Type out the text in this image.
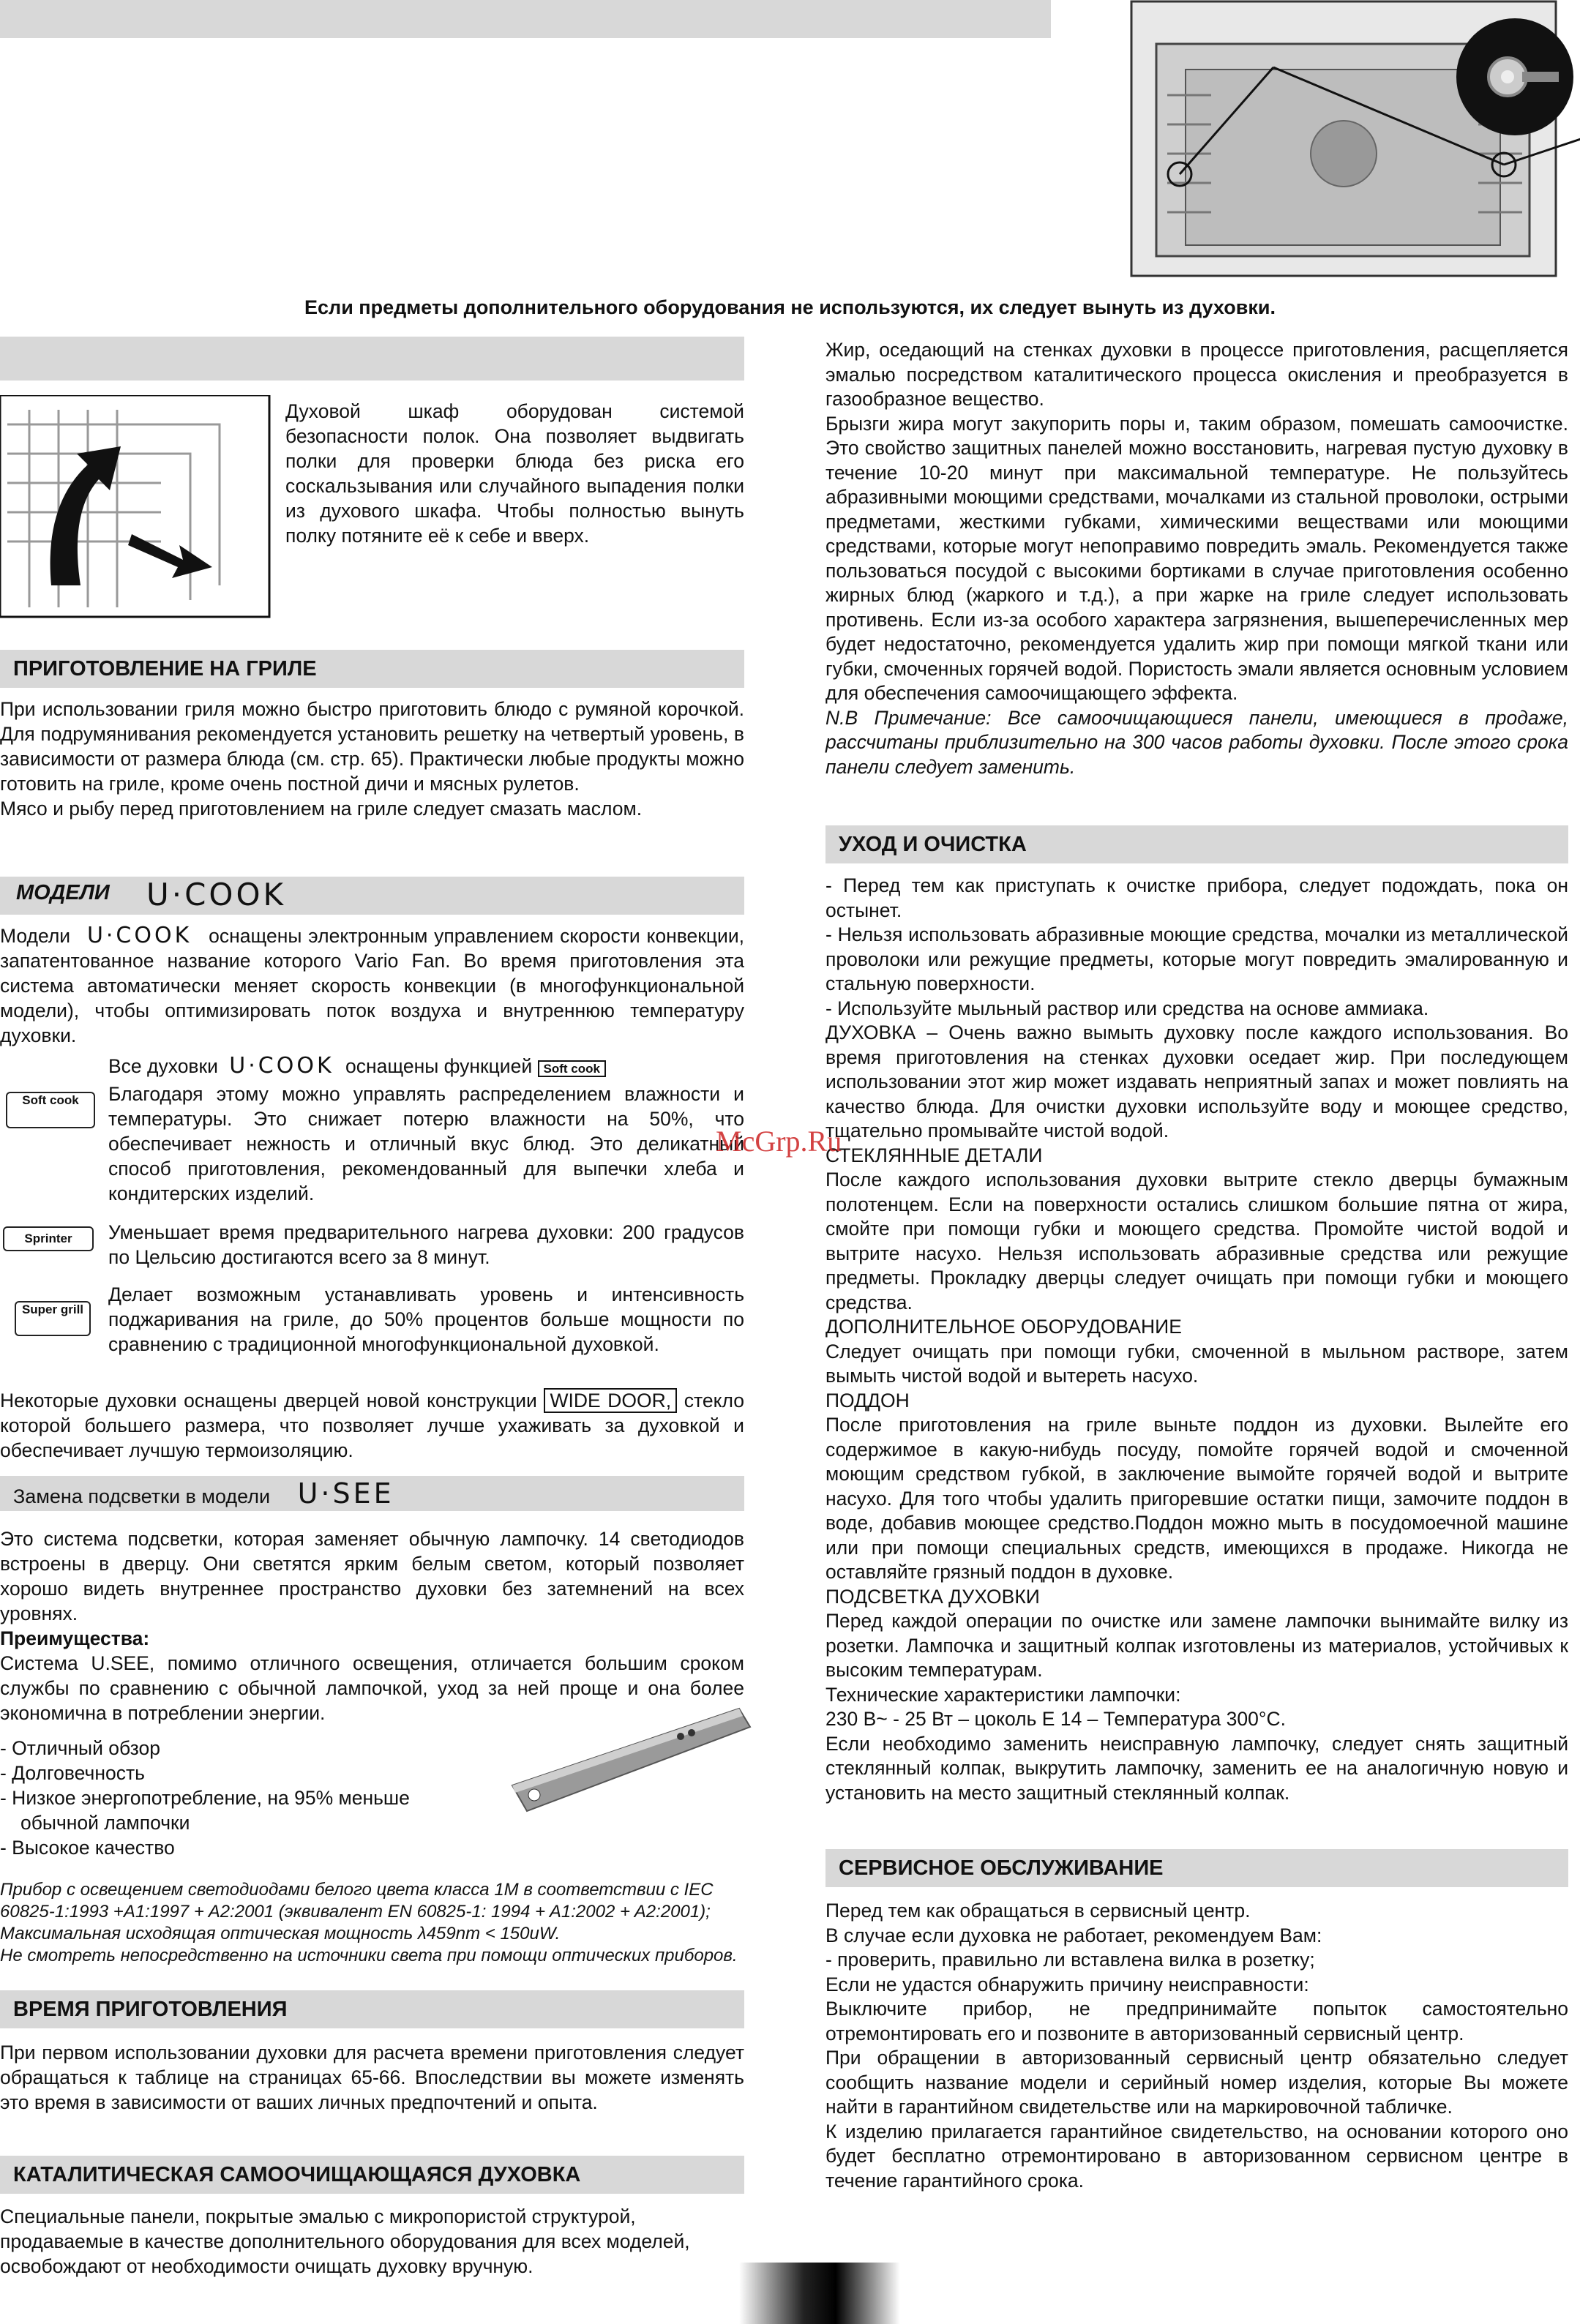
Если предметы дополнительного оборудования не используются, их следует вынуть из духовки.
Духовой шкаф оборудован системой безопасности полок. Она позволяет выдвигать полки для проверки блюда без риска его соскальзывания или случайного выпадения полки из духового шкафа. Чтобы полностью вынуть полку потяните её к себе и вверх.
ПРИГОТОВЛЕНИЕ НА ГРИЛЕ

При использовании гриля можно быстро приготовить блюдо с румяной корочкой. Для подрумянивания рекомендуется установить решетку на четвертый уровень, в зависимости от размера блюда (см. стр. 65). Практически любые продукты можно готовить на гриле, кроме очень постной дичи и мясных рулетов.

Мясо и рыбу перед приготовлением на гриле следует смазать маслом.

МОДЕЛИ U·COOK

Модели U·COOK оснащены электронным управлением скорости конвекции, запатентованное название которого Vario Fan. Во время приготовления эта система автоматически меняет скорость конвекции (в многофункциональной модели), чтобы оптимизировать поток воздуха и внутреннюю температуру духовки.

Все духовки U·COOK оснащены функцией Soft cook

Благодаря этому можно управлять распределением влажности и температуры. Это снижает потерю влажности на 50%, что обеспечивает нежность и отличный вкус блюд. Это деликатный способ приготовления, рекомендованный для выпечки хлеба и кондитерских изделий.

Soft cook
Sprinter	Уменьшает время предварительного нагрева духовки: 200 градусов по Цельсию достигаются всего за 8 минут.
Super grill
Делает возможным устанавливать уровень и интенсивность поджаривания на гриле, до 50% процентов больше мощности по сравнению с традиционной многофункциональной духовкой.

Некоторые духовки оснащены дверцей новой конструкции WIDE DOOR, стекло которой большего размера, что позволяет лучше ухаживать за духовкой и обеспечивает лучшую термоизоляцию.

Замена подсветки в модели U·SEE

Это система подсветки, которая заменяет обычную лампочку. 14 светодиодов встроены в дверцу. Они светятся ярким белым светом, который позволяет хорошо видеть внутреннее пространство духовки без затемнений на всех уровнях.

Преимущества:

Система U.SEE, помимо отличного освещения, отличается большим сроком службы по сравнению с обычной лампочкой, уход за ней проще и она более экономична в потреблении энергии.

- Отличный обзор

- Долговечность

- Низкое энергопотребление, на 95% меньше

обычной лампочки

- Высокое качество

Прибор с освещением светодиодами белого цвета класса 1M в соответствии с IEC 60825-1:1993 +A1:1997 + A2:2001 (эквивалент EN 60825-1: 1994 + A1:2002 + A2:2001);

Максимальная исходящая оптическая мощность λ459nm < 150uW.

Не смотреть непосредственно на источники света при помощи оптических приборов.

ВРЕМЯ ПРИГОТОВЛЕНИЯ

При первом использовании духовки для расчета времени приготовления следует обращаться к таблице на страницах 65-66. Впоследствии вы можете изменять это время в зависимости от ваших личных предпочтений и опыта.

КАТАЛИТИЧЕСКАЯ САМООЧИЩАЮЩАЯСЯ ДУХОВКА

Специальные панели, покрытые эмалью с микропористой структурой, продаваемые в качестве дополнительного оборудования для всех моделей, освобождают от необходимости очищать духовку вручную.

Жир, оседающий на стенках духовки в процессе приготовления, расщепляется эмалью посредством каталитического процесса окисления и преобразуется в газообразное вещество.

Брызги жира могут закупорить поры и, таким образом, помешать самоочистке. Это свойство защитных панелей можно восстановить, нагревая пустую духовку в течение 10-20 минут при максимальной температуре. Не пользуйтесь абразивными моющими средствами, мочалками из стальной проволоки, острыми предметами, жесткими губками, химическими веществами или моющими средствами, которые могут непоправимо повредить эмаль. Рекомендуется также пользоваться посудой с высокими бортиками в случае приготовления особенно жирных блюд (жаркого и т.д.), а при жарке на гриле следует использовать противень. Если из-за особого характера загрязнения, вышеперечисленных мер будет недостаточно, рекомендуется удалить жир при помощи мягкой ткани или губки, смоченных горячей водой. Пористость эмали является основным условием для обеспечения самоочищающего эффекта.

N.B Примечание: Все самоочищающиеся панели, имеющиеся в продаже, рассчитаны приблизительно на 300 часов работы духовки. После этого срока панели следует заменить.

УХОД И ОЧИСТКА

- Перед тем как приступать к очистке прибора, следует подождать, пока он остынет.

- Нельзя использовать абразивные моющие средства, мочалки из металлической проволоки или режущие предметы, которые могут повредить эмалированную и стальную поверхности.

- Используйте мыльный раствор или средства на основе аммиака.

ДУХОВКА – Очень важно вымыть духовку после каждого использования. Во время приготовления на стенках духовки оседает жир. При последующем использовании этот жир может издавать неприятный запах и может повлиять на качество блюда. Для очистки духовки используйте воду и моющее средство, тщательно промывайте чистой водой.

СТЕКЛЯННЫЕ ДЕТАЛИ

После каждого использования духовки вытрите стекло дверцы бумажным полотенцем. Если на поверхности остались слишком большие пятна от жира, смойте при помощи губки и моющего средства. Промойте чистой водой и вытрите насухо. Нельзя использовать абразивные средства или режущие предметы. Прокладку дверцы следует очищать при помощи губки и моющего средства.

ДОПОЛНИТЕЛЬНОЕ ОБОРУДОВАНИЕ

Следует очищать при помощи губки, смоченной в мыльном растворе, затем вымыть чистой водой и вытереть насухо.

ПОДДОН

После приготовления на гриле выньте поддон из духовки. Вылейте его содержимое в какую-нибудь посуду, помойте горячей водой и смоченной моющим средством губкой, в заключение вымойте горячей водой и вытрите насухо. Для того чтобы удалить пригоревшие остатки пищи, замочите поддон в воде, добавив моющее средство.Поддон можно мыть в посудомоечной машине или при помощи специальных средств, имеющихся в продаже. Никогда не оставляйте грязный поддон в духовке.

ПОДСВЕТКА ДУХОВКИ

Перед каждой операции по очистке или замене лампочки вынимайте вилку из розетки. Лампочка и защитный колпак изготовлены из материалов, устойчивых к высоким температурам.

Технические характеристики лампочки:

230 В~ - 25 Вт – цоколь Е 14 – Температура 300°С.

Если необходимо заменить неисправную лампочку, следует снять защитный стеклянный колпак, выкрутить лампочку, заменить ее на аналогичную новую и установить на место защитный стеклянный колпак.

СЕРВИСНОЕ ОБСЛУЖИВАНИЕ

Перед тем как обращаться в сервисный центр.

В случае если духовка не работает, рекомендуем Вам:

- проверить, правильно ли вставлена вилка в розетку;

Если не удастся обнаружить причину неисправности:

Выключите прибор, не предпринимайте попыток самостоятельно отремонтировать его и позвоните в авторизованный сервисный центр.

При обращении в авторизованный сервисный центр обязательно следует сообщить название модели и серийный номер изделия, которые Вы можете найти в гарантийном свидетельстве или на маркировочной табличке.

К изделию прилагается гарантийное свидетельство, на основании которого оно будет бесплатно отремонтировано в авторизованном сервисном центре в течение гарантийного срока.

McGrp.Ru
